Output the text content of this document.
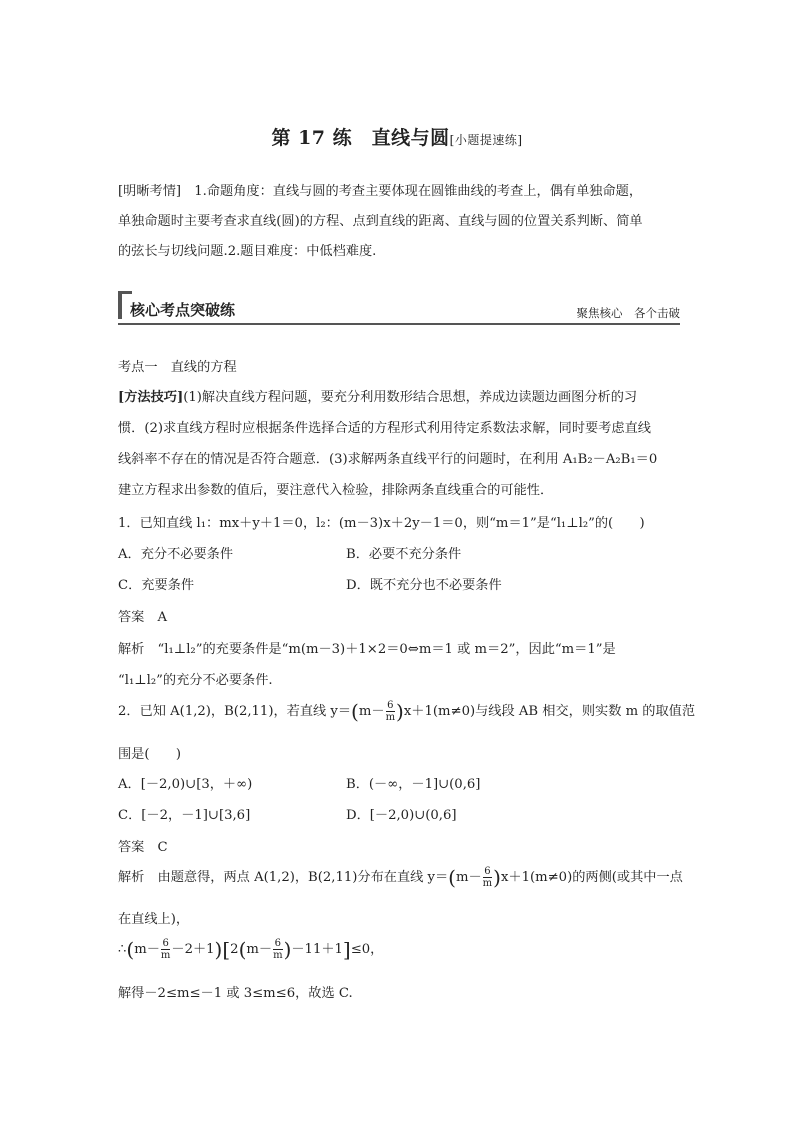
第 17 练　直线与圆[小题提速练]
[明晰考情]　1.命题角度：直线与圆的考查主要体现在圆锥曲线的考查上，偶有单独命题，
单独命题时主要考查求直线(圆)的方程、点到直线的距离、直线与圆的位置关系判断、简单
的弦长与切线问题.2.题目难度：中低档难度.
核心考点突破练	聚焦核心　各个击破
考点一　直线的方程
[方法技巧](1)解决直线方程问题，要充分利用数形结合思想，养成边读题边画图分析的习
惯．(2)求直线方程时应根据条件选择合适的方程形式利用待定系数法求解，同时要考虑直线
线斜率不存在的情况是否符合题意．(3)求解两条直线平行的问题时，在利用 A₁B₂－A₂B₁＝0
建立方程求出参数的值后，要注意代入检验，排除两条直线重合的可能性．
1．已知直线 l₁：mx＋y＋1＝0，l₂：(m－3)x＋2y－1＝0，则“m＝1”是“l₁⊥l₂”的(　　)
A．充分不必要条件	B．必要不充分条件
C．充要条件	D．既不充分也不必要条件
答案　A
解析　“l₁⊥l₂”的充要条件是“m(m－3)＋1×2＝0⇔m＝1 或 m＝2”，因此“m＝1”是
“l₁⊥l₂”的充分不必要条件.
2．已知 A(1,2)，B(2,11)，若直线 $y=(m- \frac{6}{m} )x+1(m\ne 0)$与线段 AB 相交，则实数 m 的取值范
围是(　　)
A．[－2,0)∪[3，＋∞)	B．(－∞，－1]∪(0,6]
C．[－2，－1]∪[3,6]	D．[－2,0)∪(0,6]
答案　C
解析　由题意得，两点 A(1,2)，B(2,11)分布在直线 $y=(m- \frac{6}{m} )x+1(m\ne 0)$的两侧(或其中一点
在直线上)，
∴(m－ $\frac{6}{m} -2+1)[2(m- \frac{6}{m} )-11+1]\le 0$，
解得－2≤m≤－1 或 3≤m≤6，故选 C.
